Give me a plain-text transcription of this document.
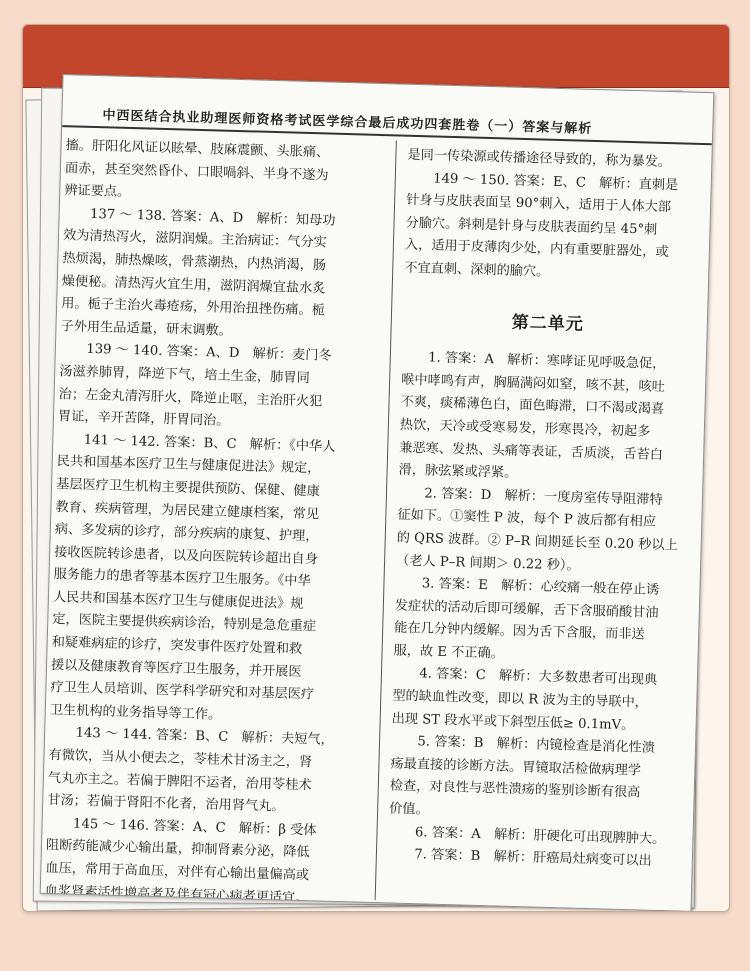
中西医结合执业助理医师资格考试医学综合最后成功四套胜卷（一）答案与解析

搐。肝阳化风证以眩晕、肢麻震颤、头胀痛、

面赤，甚至突然昏仆、口眼喎斜、半身不遂为

辨证要点。

137 ～ 138. 答案：A、D　解析：知母功

效为清热泻火，滋阴润燥。主治病证：气分实

热烦渴，肺热燥咳，骨蒸潮热，内热消渴，肠

燥便秘。清热泻火宜生用，滋阴润燥宜盐水炙

用。栀子主治火毒疮疡，外用治扭挫伤痛。栀

子外用生品适量，研末调敷。

139 ～ 140. 答案：A、D　解析：麦门冬

汤滋养肺胃，降逆下气，培土生金，肺胃同

治；左金丸清泻肝火，降逆止呕，主治肝火犯

胃证，辛开苦降，肝胃同治。

141 ～ 142. 答案：B、C　解析：《中华人

民共和国基本医疗卫生与健康促进法》规定，

基层医疗卫生机构主要提供预防、保健、健康

教育、疾病管理，为居民建立健康档案，常见

病、多发病的诊疗，部分疾病的康复、护理，

接收医院转诊患者，以及向医院转诊超出自身

服务能力的患者等基本医疗卫生服务。《中华

人民共和国基本医疗卫生与健康促进法》规

定，医院主要提供疾病诊治，特别是急危重症

和疑难病症的诊疗，突发事件医疗处置和救

援以及健康教育等医疗卫生服务，并开展医

疗卫生人员培训、医学科学研究和对基层医疗

卫生机构的业务指导等工作。

143 ～ 144. 答案：B、C　解析：夫短气，

有微饮，当从小便去之，苓桂术甘汤主之，肾

气丸亦主之。若偏于脾阳不运者，治用苓桂术

甘汤；若偏于肾阳不化者，治用肾气丸。

145 ～ 146. 答案：A、C　解析：β 受体

阻断药能减少心输出量，抑制肾素分泌，降低

血压，常用于高血压，对伴有心输出量偏高或

血浆肾素活性增高者及伴有冠心病者更适宜。

是同一传染源或传播途径导致的，称为暴发。

149 ～ 150. 答案：E、C　解析：直刺是

针身与皮肤表面呈 90°刺入，适用于人体大部

分腧穴。斜刺是针身与皮肤表面约呈 45°刺

入，适用于皮薄肉少处，内有重要脏器处，或

不宜直刺、深刺的腧穴。

第二单元

1. 答案：A　解析：寒哮证见呼吸急促，

喉中哮鸣有声，胸膈满闷如窒，咳不甚，咳吐

不爽，痰稀薄色白，面色晦滞，口不渴或渴喜

热饮，天冷或受寒易发，形寒畏冷，初起多

兼恶寒、发热、头痛等表证，舌质淡，舌苔白

滑，脉弦紧或浮紧。

2. 答案：D　解析：一度房室传导阻滞特

征如下。①窦性 P 波，每个 P 波后都有相应

的 QRS 波群。② P–R 间期延长至 0.20 秒以上

（老人 P–R 间期＞ 0.22 秒）。

3. 答案：E　解析：心绞痛一般在停止诱

发症状的活动后即可缓解，舌下含服硝酸甘油

能在几分钟内缓解。因为舌下含服，而非送

服，故 E 不正确。

4. 答案：C　解析：大多数患者可出现典

型的缺血性改变，即以 R 波为主的导联中，

出现 ST 段水平或下斜型压低≥ 0.1mV。

5. 答案：B　解析：内镜检查是消化性溃

疡最直接的诊断方法。胃镜取活检做病理学

检查，对良性与恶性溃疡的鉴别诊断有很高

价值。

6. 答案：A　解析：肝硬化可出现脾肿大。

7. 答案：B　解析：肝癌局灶病变可以出
